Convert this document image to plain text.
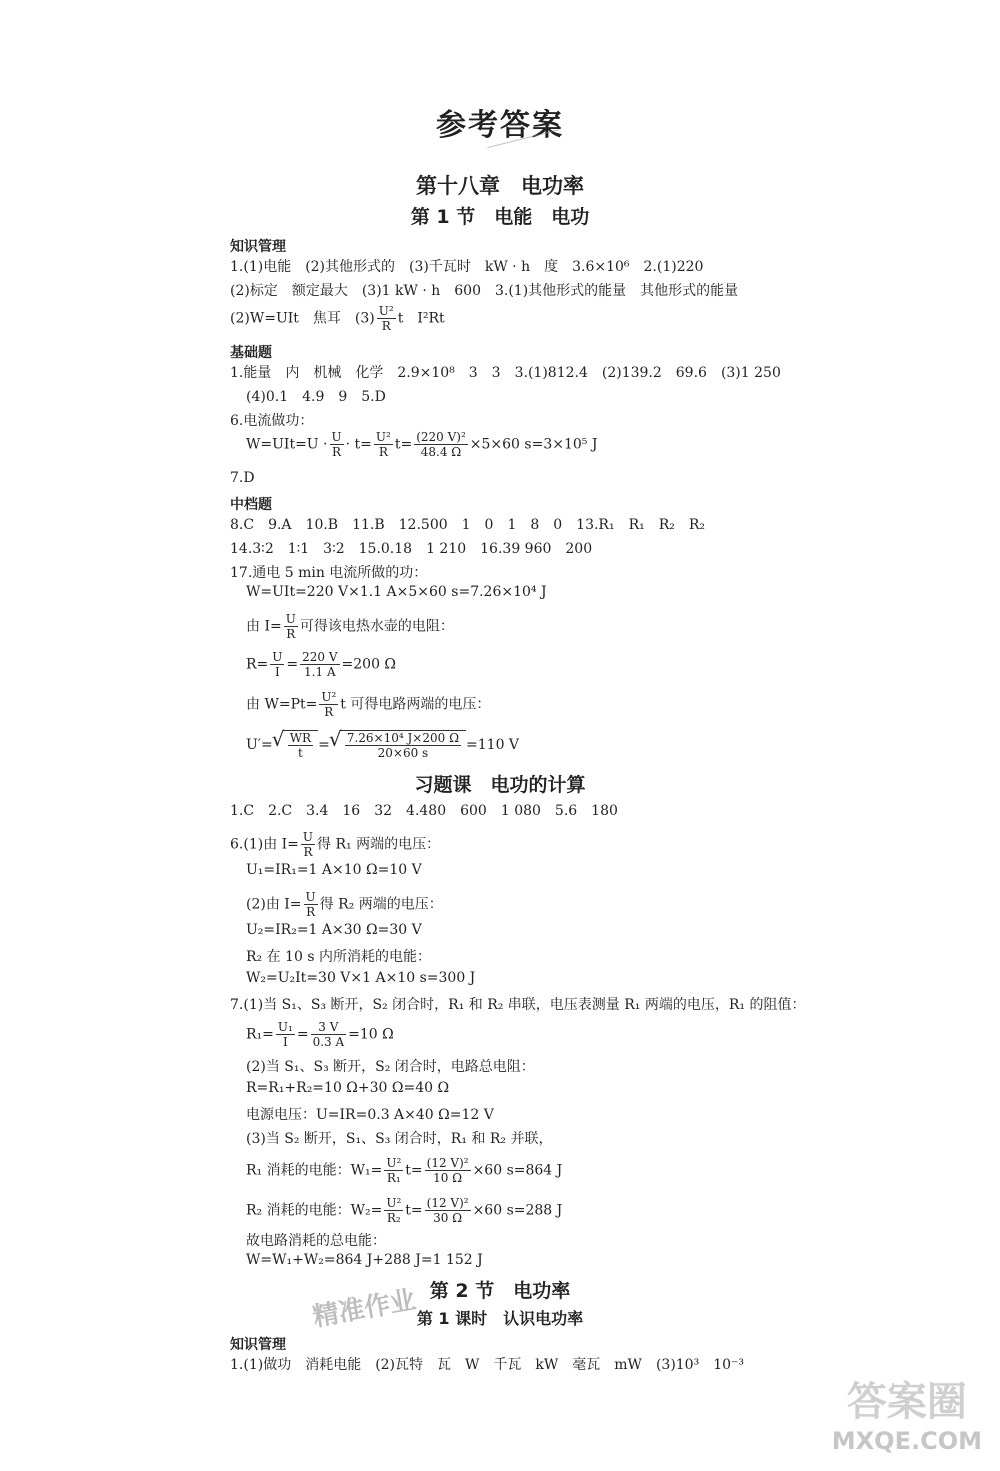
参考答案
第十八章　电功率
第 1 节　电能　电功
知识管理
1.(1)电能　(2)其他形式的　(3)千瓦时　kW · h　度　3.6×10⁶　2.(1)220
(2)标定　额定最大　(3)1 kW · h　600　3.(1)其他形式的能量　其他形式的能量
(2)W=UIt　焦耳　$(3) \frac{\text{U²}}{R}$ t　I²Rt
基础题
1.能量　内　机械　化学　2.9×10⁸　3　3　3.(1)812.4　(2)139.2　69.6　(3)1 250
(4)0.1　4.9　9　5.D
6.电流做功：
$W=UIt=U \cdot \frac{U}{R} \cdot t= \frac{\text{U²}}{R} t= \frac{\text{(220 V)²}}{48.4 \Omega} \times 5\times 60$ s=3×10⁵ J
7.D
中档题
8.C　9.A　10.B　11.B　12.500　1　0　1　8　0　13.R₁　R₁　R₂　R₂
14.3∶2　1∶1　3∶2　15.0.18　1 210　16.39 960　200
17.通电 5 min 电流所做的功：
W=UIt=220 V×1.1 A×5×60 s=7.26×10⁴ J
由 $I= \frac{U}{R}$ 可得该电热水壶的电阻：
$R= \frac{U}{I} = \frac{220 V}{1.1 A} =200$ Ω
由 $W=Pt= \frac{\text{U²}}{R}$ t 可得电路两端的电压：
U′= √ $\frac{WR}{t}$ = √ $\frac{\text{7.26×10⁴ J×200 Ω}}{20\times 60 s} =110$ V
习题课　电功的计算
1.C　2.C　3.4　16　32　4.480　600　1 080　5.6　180
6.(1)由 $I= \frac{U}{R}$ 得 R₁ 两端的电压：
U₁=IR₁=1 A×10 Ω=10 V
(2)由 $I= \frac{U}{R}$ 得 R₂ 两端的电压：
U₂=IR₂=1 A×30 Ω=30 V
R₂ 在 10 s 内所消耗的电能：
W₂=U₂It=30 V×1 A×10 s=300 J
7.(1)当 S₁、S₃ 断开，S₂ 闭合时，R₁ 和 R₂ 串联，电压表测量 R₁ 两端的电压，R₁ 的阻值：
$R_1= \frac{\text{U₁}}{I} = \frac{3 V}{0.3 A} =10$ Ω
(2)当 S₁、S₃ 断开，S₂ 闭合时，电路总电阻：
R=R₁+R₂=10 Ω+30 Ω=40 Ω
电源电压：U=IR=0.3 A×40 Ω=12 V
(3)当 S₂ 断开，S₁、S₃ 闭合时，R₁ 和 R₂ 并联，
R₁ 消耗的电能：$W_1= \frac{\text{U²}}{\text{R₁}} t= \frac{\text{(12 V)²}}{10 \Omega} \times 60$ s=864 J
R₂ 消耗的电能：$W_2= \frac{\text{U²}}{\text{R₂}} t= \frac{\text{(12 V)²}}{30 \Omega} \times 60$ s=288 J
故电路消耗的总电能：
W=W₁+W₂=864 J+288 J=1 152 J
第 2 节　电功率
第 1 课时　认识电功率
知识管理
1.(1)做功　消耗电能　(2)瓦特　瓦　W　千瓦　kW　毫瓦　mW　(3)10³　10⁻³
精准作业
答案圈
MXQE.COM
